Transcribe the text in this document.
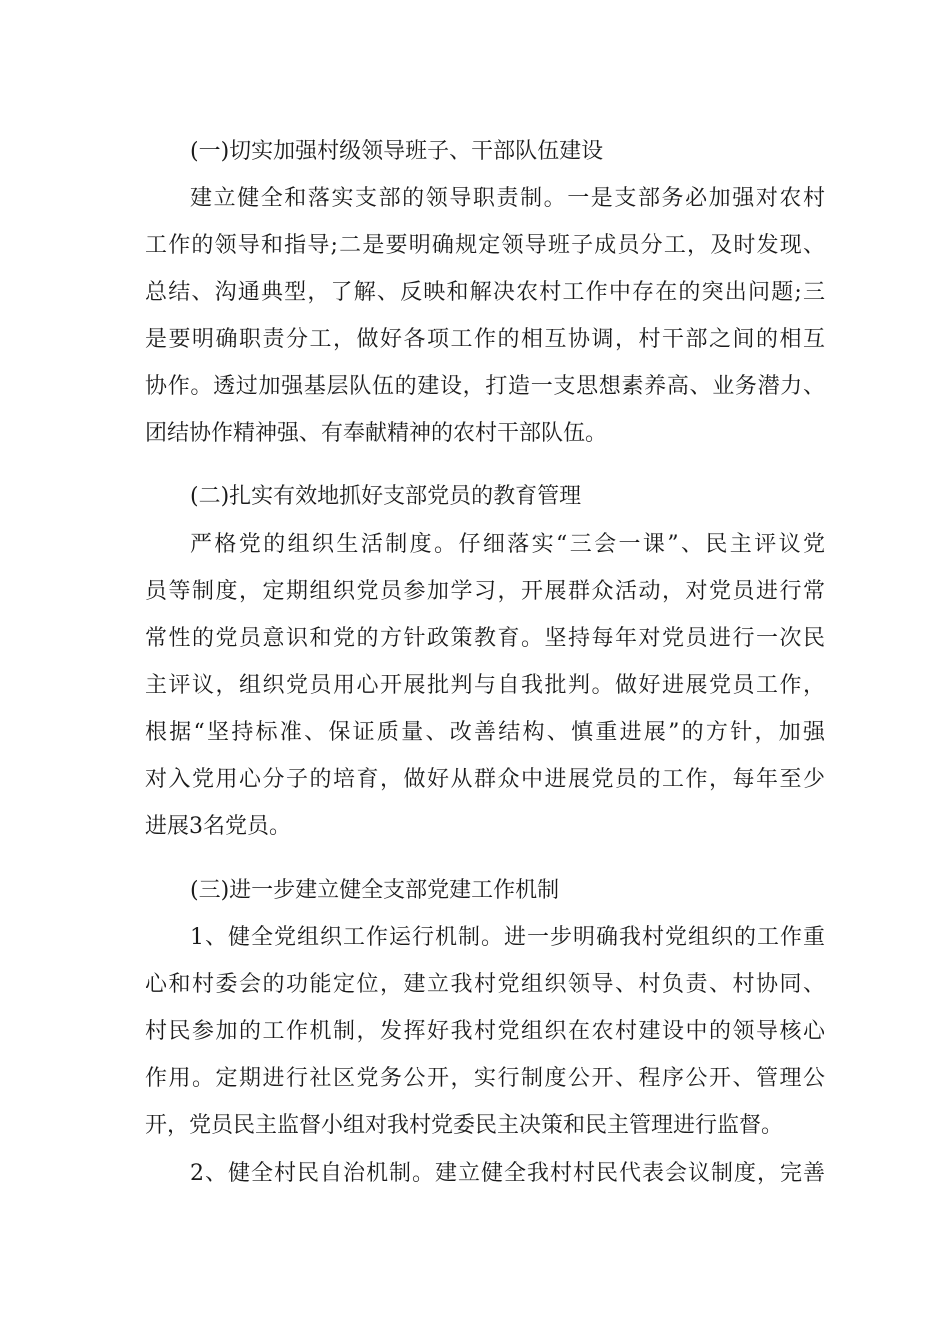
(一)切实加强村级领导班子、干部队伍建设

建立健全和落实支部的领导职责制。一是支部务必加强对农村

工作的领导和指导;二是要明确规定领导班子成员分工，及时发现、

总结、沟通典型，了解、反映和解决农村工作中存在的突出问题;三

是要明确职责分工，做好各项工作的相互协调，村干部之间的相互

协作。透过加强基层队伍的建设，打造一支思想素养高、业务潜力、

团结协作精神强、有奉献精神的农村干部队伍。

(二)扎实有效地抓好支部党员的教育管理

严格党的组织生活制度。仔细落实“三会一课”、民主评议党

员等制度，定期组织党员参加学习，开展群众活动，对党员进行常

常性的党员意识和党的方针政策教育。坚持每年对党员进行一次民

主评议，组织党员用心开展批判与自我批判。做好进展党员工作，

根据“坚持标准、保证质量、改善结构、慎重进展”的方针，加强

对入党用心分子的培育，做好从群众中进展党员的工作，每年至少

进展3名党员。

(三)进一步建立健全支部党建工作机制

1、健全党组织工作运行机制。进一步明确我村党组织的工作重

心和村委会的功能定位，建立我村党组织领导、村负责、村协同、

村民参加的工作机制，发挥好我村党组织在农村建设中的领导核心

作用。定期进行社区党务公开，实行制度公开、程序公开、管理公

开，党员民主监督小组对我村党委民主决策和民主管理进行监督。

2、健全村民自治机制。建立健全我村村民代表会议制度，完善
